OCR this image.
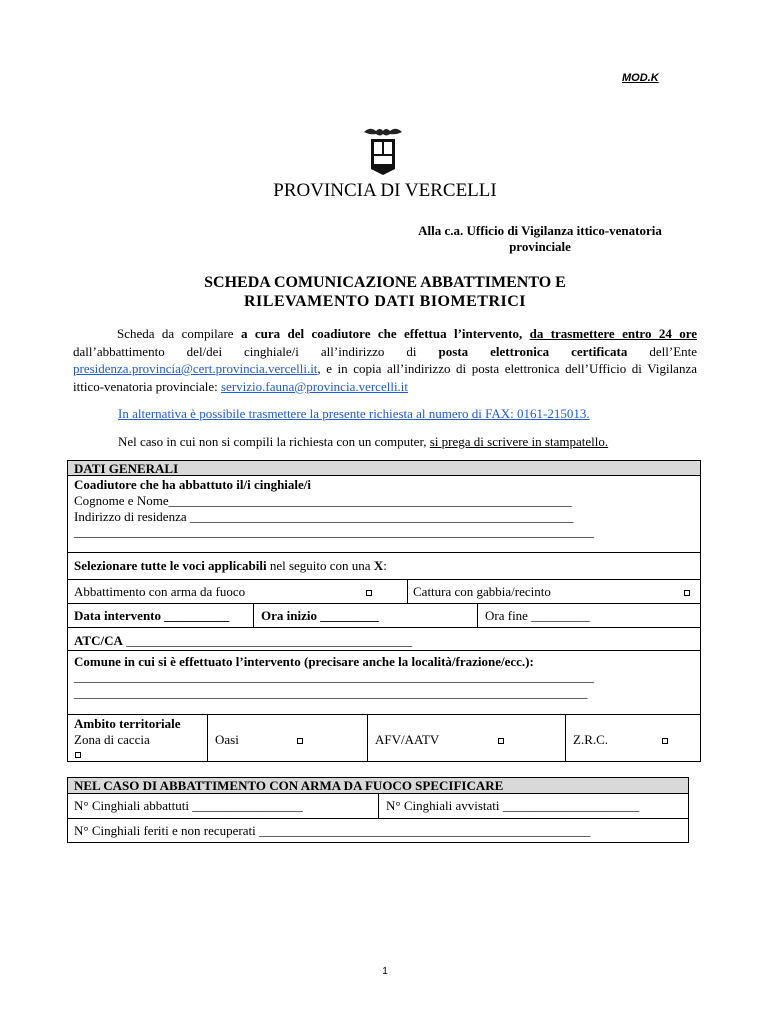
MOD.K
PROVINCIA DI VERCELLI
Alla c.a. Ufficio di Vigilanza ittico-venatoria
provinciale
SCHEDA COMUNICAZIONE ABBATTIMENTO E
RILEVAMENTO DATI BIOMETRICI
Scheda da compilare a cura del coadiutore che effettua l’intervento, da trasmettere entro 24 ore dall’abbattimento del/dei cinghiale/i all’indirizzo di posta elettronica certificata dell’Ente presidenza.provincia@cert.provincia.vercelli.it, e in copia all’indirizzo di posta elettronica dell’Ufficio di Vigilanza ittico-venatoria provinciale: servizio.fauna@provincia.vercelli.it
In alternativa è possibile trasmettere la presente richiesta al numero di FAX: 0161-215013.
Nel caso in cui non si compili la richiesta con un computer, si prega di scrivere in stampatello.
DATI GENERALI
Coadiutore che ha abbattuto il/i cinghiale/i
Cognome e Nome______________________________________________________________
Indirizzo di residenza ___________________________________________________________
________________________________________________________________________________
Selezionare tutte le voci applicabili nel seguito con una X:
Abbattimento con arma da fuoco	Cattura con gabbia/recinto
Data intervento __________	Ora inizio _________	Ora fine _________
ATC/CA ____________________________________________
Comune in cui si è effettuato l’intervento (precisare anche la località/frazione/ecc.):
________________________________________________________________________________
_______________________________________________________________________________
Ambito territoriale
Zona di caccia	Oasi	AFV/AATV	Z.R.C.
NEL CASO DI ABBATTIMENTO CON ARMA DA FUOCO SPECIFICARE
N° Cinghiali abbattuti _________________	N° Cinghiali avvistati _____________________
N° Cinghiali feriti e non recuperati ___________________________________________________
1
